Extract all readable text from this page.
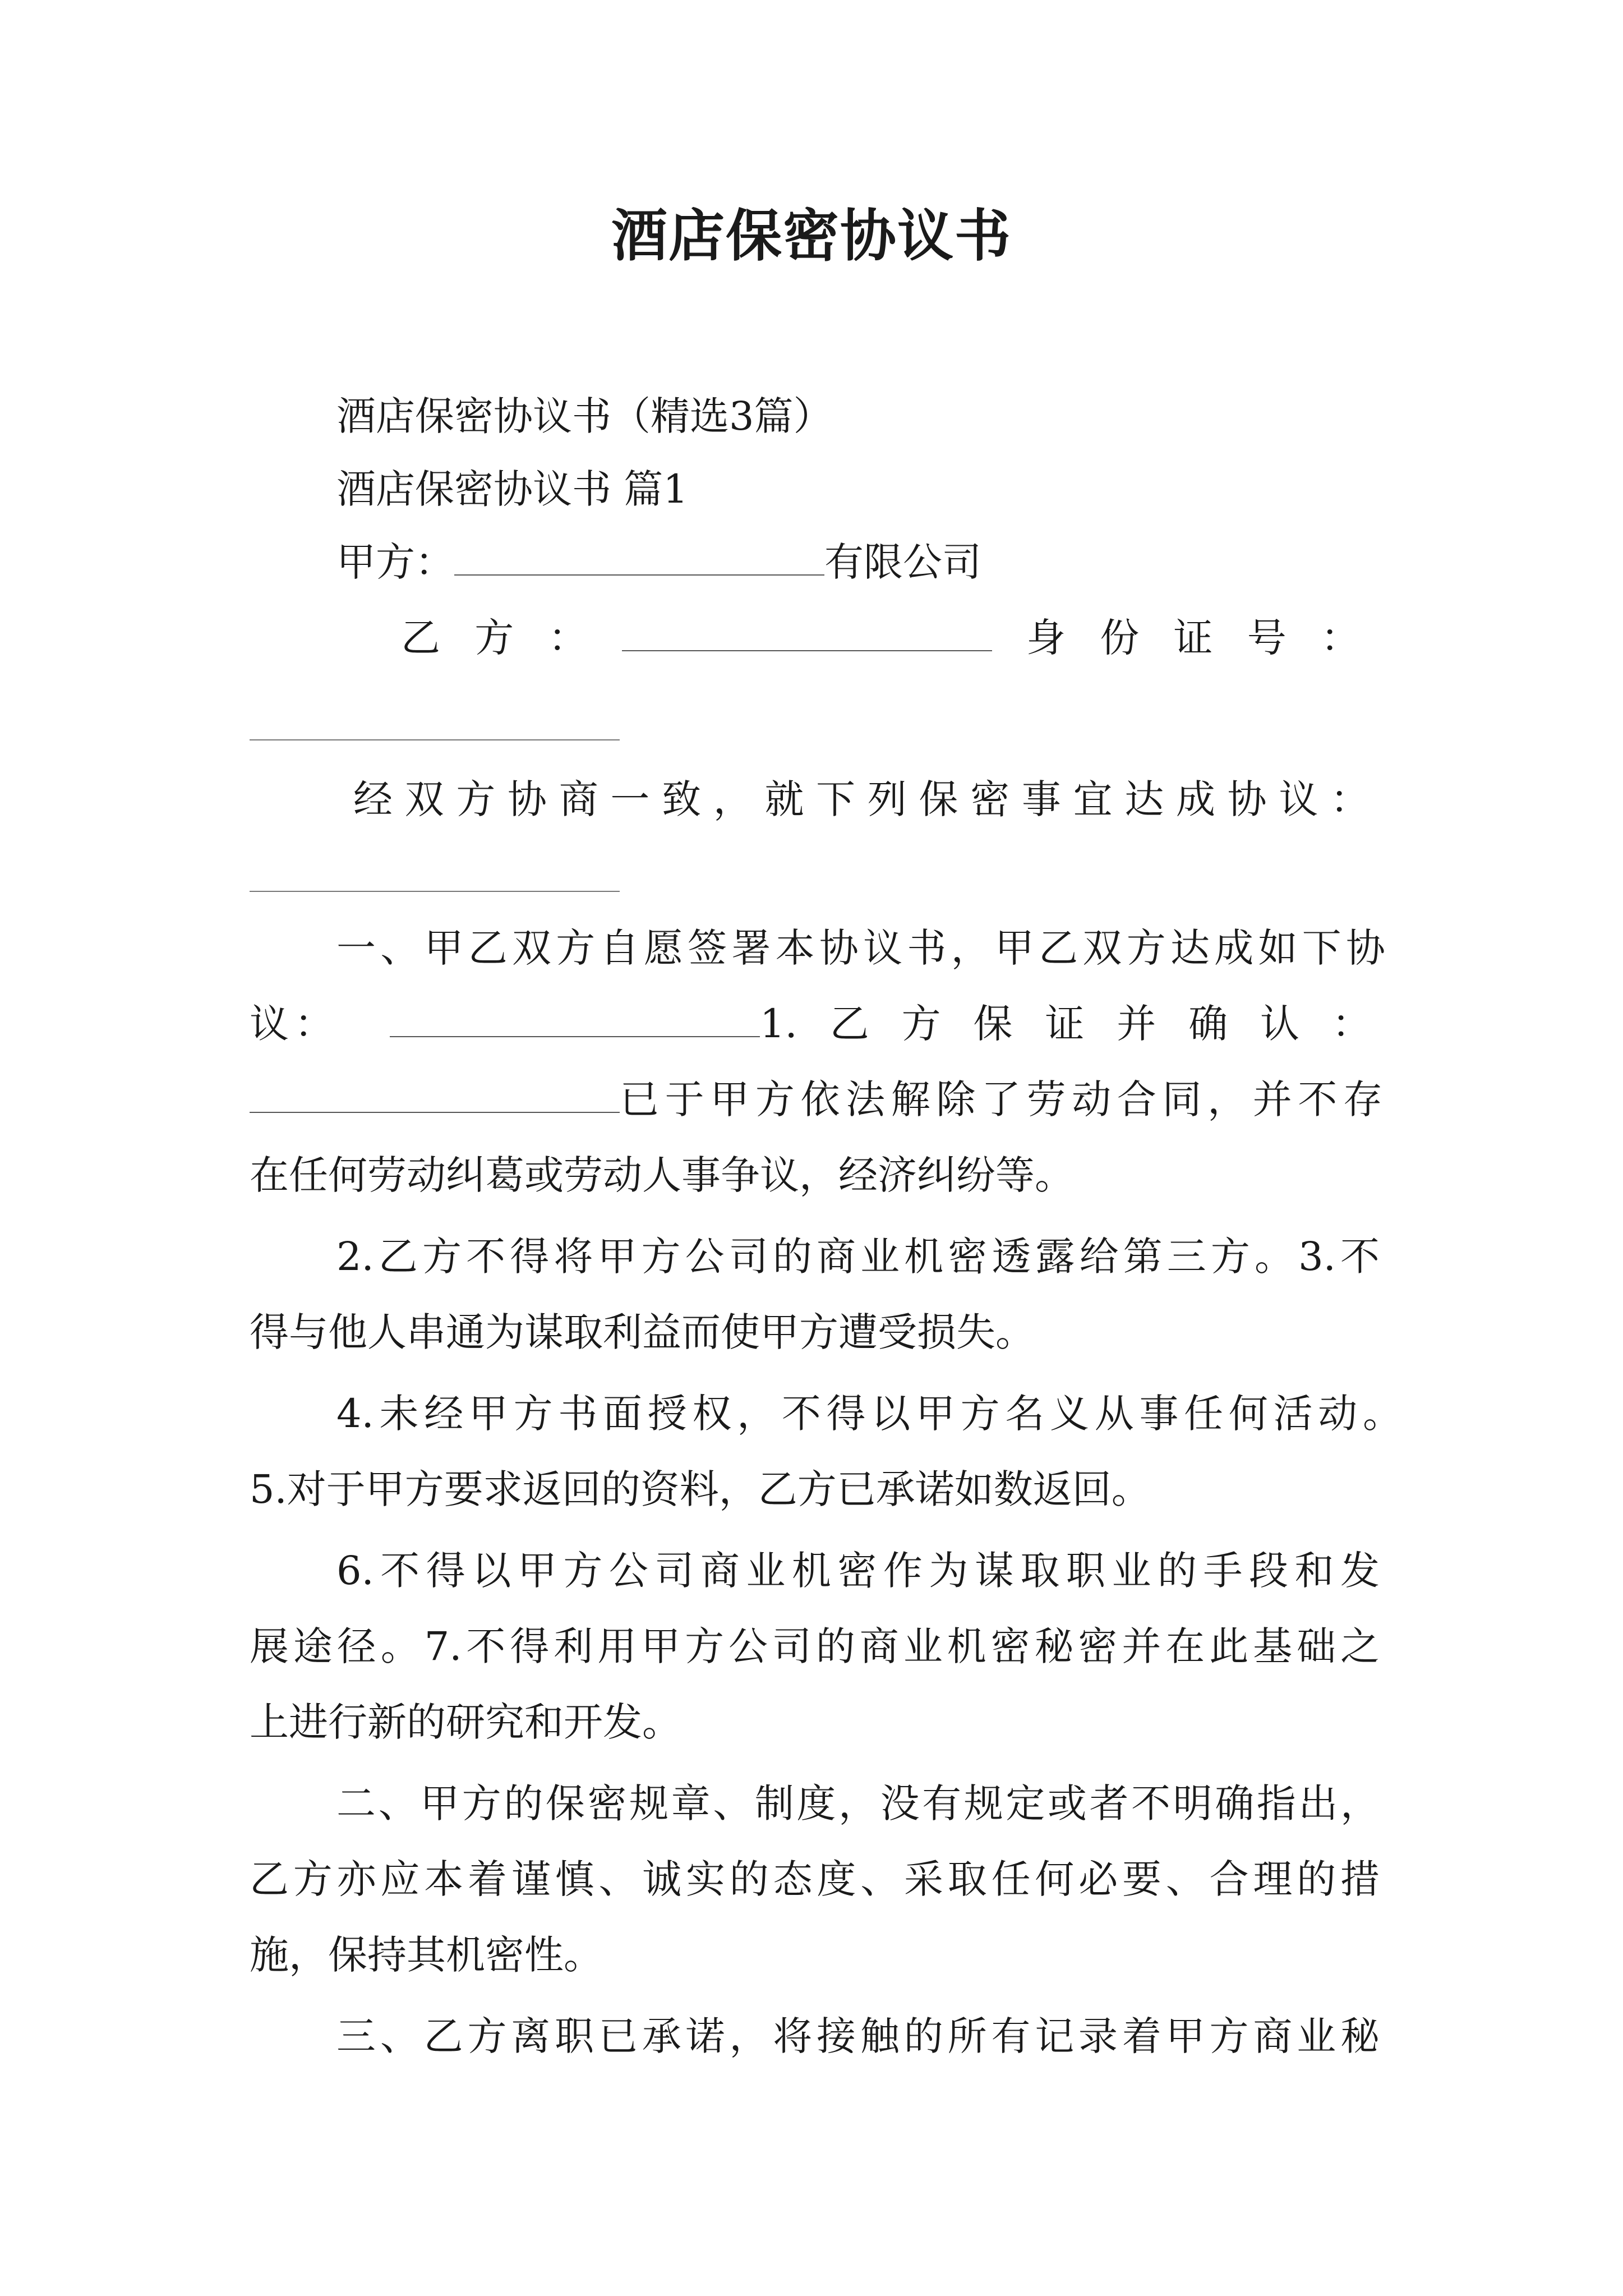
酒店保密协议书
酒店保密协议书（精选3篇）
酒店保密协议书 篇1
甲方：	有限公司
乙 方 ：	身 份 证 号 ：
经双方协商一致，就下列保密事宜达成协议：
一、甲乙双方自愿签署本协议书，甲乙双方达成如下协
议 ：	1. 乙 方 保 证 并 确 认 ：
已于甲方依法解除了劳动合同，并不存
在任何劳动纠葛或劳动人事争议，经济纠纷等。
2.乙方不得将甲方公司的商业机密透露给第三方。3.不
得与他人串通为谋取利益而使甲方遭受损失。
4.未经甲方书面授权，不得以甲方名义从事任何活动。
5.对于甲方要求返回的资料，乙方已承诺如数返回。
6.不得以甲方公司商业机密作为谋取职业的手段和发
展途径。7.不得利用甲方公司的商业机密秘密并在此基础之
上进行新的研究和开发。
二、甲方的保密规章、制度，没有规定或者不明确指出，
乙方亦应本着谨慎、诚实的态度、采取任何必要、合理的措
施，保持其机密性。
三、乙方离职已承诺，将接触的所有记录着甲方商业秘
